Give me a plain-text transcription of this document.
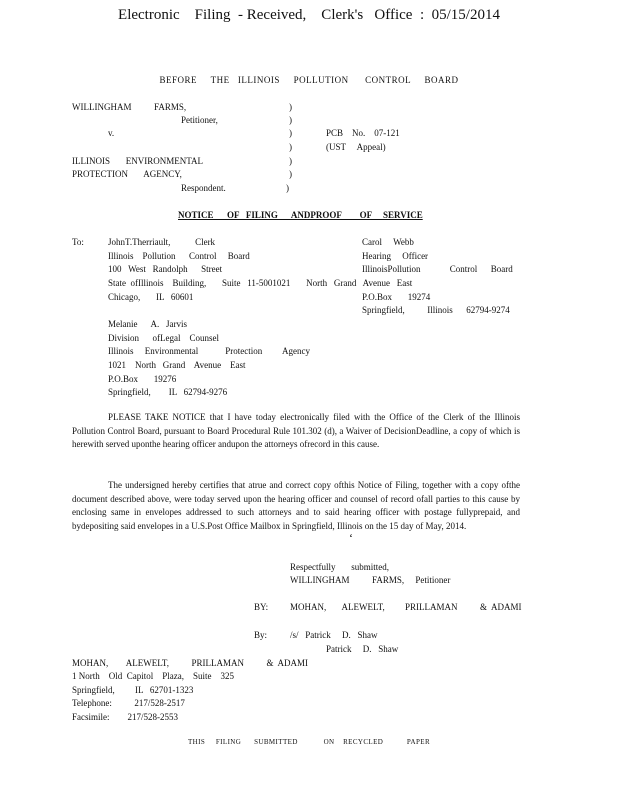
Electronic    Filing  - Received,    Clerk's   Office  :  05/15/2014
BEFORE     THE   ILLINOIS     POLLUTION      CONTROL     BOARD
WILLINGHAM          FARMS,
Petitioner,
v.
ILLINOIS       ENVIRONMENTAL
PROTECTION       AGENCY,
Respondent.
)
)
)
)
)
)
)
PCB    No.    07-121
(UST     Appeal)
NOTICE      OF   FILING      ANDPROOF        OF     SERVICE
To:	JohnT.Therriault,           Clerk
Illinois    Pollution      Control     Board
100   West   Randolph      Street
State  ofIllinois    Building,       Suite   11-5001021       North   Grand   Avenue   East
Chicago,       IL   60601
Carol     Webb
Hearing     Officer
IllinoisPollution             Control      Board
P.O.Box       19274
Springfield,          Illinois      62794-9274
Melanie      A.   Jarvis
Division      ofLegal    Counsel
Illinois     Environmental            Protection         Agency
1021    North   Grand    Avenue    East
P.O.Box       19276
Springfield,        IL   62794-9276
PLEASE TAKE NOTICE that I have today electronically filed with the Office of the Clerk of the Illinois Pollution Control Board, pursuant to Board Procedural Rule 101.302 (d), a Waiver of DecisionDeadline, a copy of which is herewith served uponthe hearing officer andupon the attorneys ofrecord in this cause.
The undersigned hereby certifies that atrue and correct copy ofthis Notice of Filing, together with a copy ofthe document described above, were today served upon the hearing officer and counsel of record ofall parties to this cause by enclosing same in envelopes addressed to such attorneys and to said hearing officer with postage fullyprepaid, and bydepositing said envelopes in a U.S.Post Office Mailbox in Springfield, Illinois on the 15 day of May, 2014.
ʻ
Respectfully       submitted,
WILLINGHAM          FARMS,     Petitioner
BY: MOHAN,       ALEWELT,         PRILLAMAN          &  ADAMI
By:	/s/   Patrick     D.   Shaw
Patrick     D.   Shaw
MOHAN,        ALEWELT,          PRILLAMAN          &  ADAMI
1 North    Old  Capitol    Plaza,    Suite    325
Springfield,         IL   62701-1323
Telephone:          217/528-2517
Facsimile:        217/528-2553
THIS     FILING      SUBMITTED            ON    RECYCLED           PAPER
